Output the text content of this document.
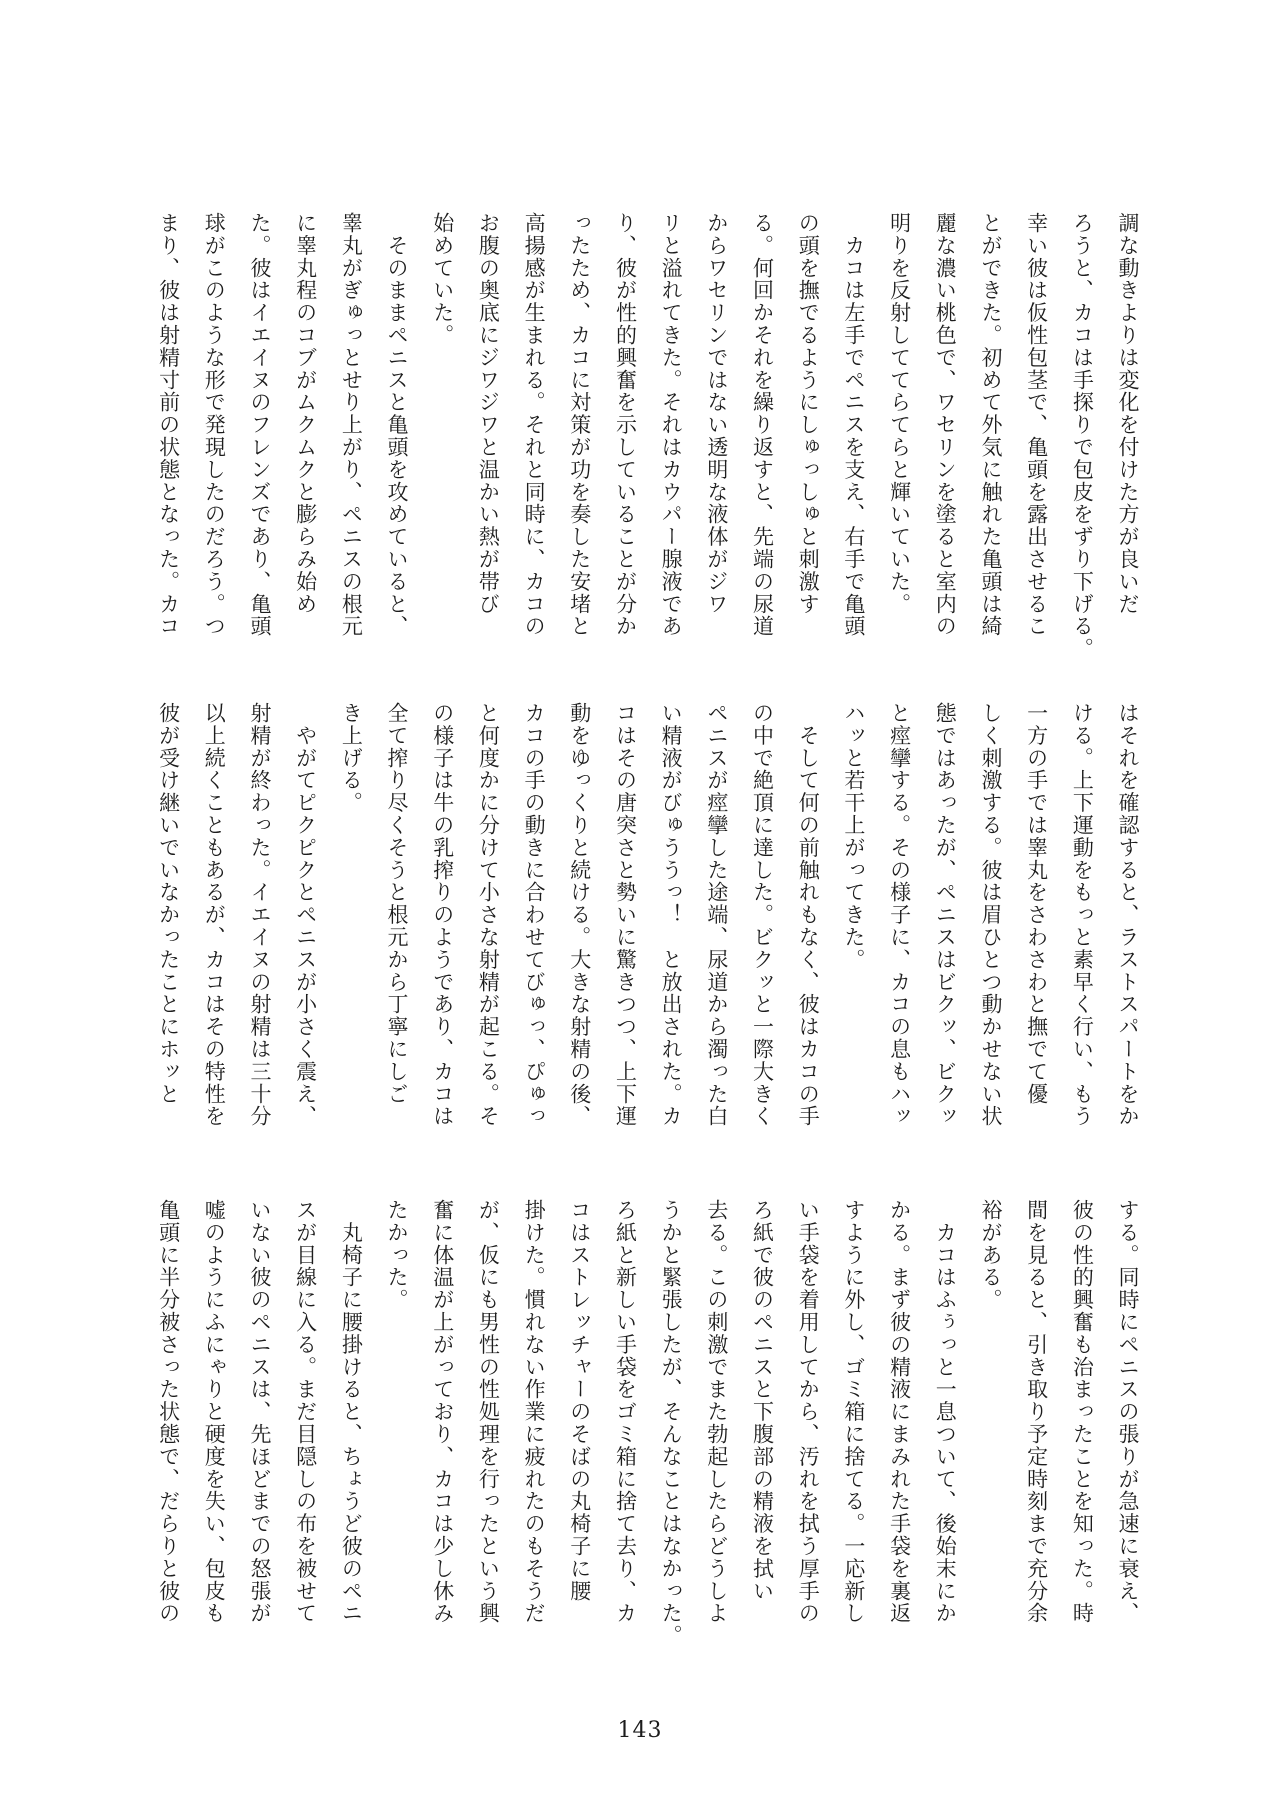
調な動きよりは変化を付けた方が良いだ
ろうと、カコは手探りで包皮をずり下げる。
幸い彼は仮性包茎で、亀頭を露出させるこ
とができた。初めて外気に触れた亀頭は綺
麗な濃い桃色で、ワセリンを塗ると室内の
明りを反射しててらてらと輝いていた。
　カコは左手でペニスを支え、右手で亀頭
の頭を撫でるようにしゅっしゅと刺激す
る。何回かそれを繰り返すと、先端の尿道
からワセリンではない透明な液体がジワ
リと溢れてきた。それはカウパー腺液であ
り、彼が性的興奮を示していることが分か
ったため、カコに対策が功を奏した安堵と
高揚感が生まれる。それと同時に、カコの
お腹の奥底にジワジワと温かい熱が帯び
始めていた。
　そのままペニスと亀頭を攻めていると、
睾丸がぎゅっとせり上がり、ペニスの根元
に睾丸程のコブがムクムクと膨らみ始め
た。彼はイエイヌのフレンズであり、亀頭
球がこのような形で発現したのだろう。つ
まり、彼は射精寸前の状態となった。カコ
はそれを確認すると、ラストスパートをか
ける。上下運動をもっと素早く行い、もう
一方の手では睾丸をさわさわと撫でて優
しく刺激する。彼は眉ひとつ動かせない状
態ではあったが、ペニスはビクッ、ビクッ
と痙攣する。その様子に、カコの息もハッ
ハッと若干上がってきた。
　そして何の前触れもなく、彼はカコの手
の中で絶頂に達した。ビクッと一際大きく
ペニスが痙攣した途端、尿道から濁った白
い精液がびゅううっ！　と放出された。カ
コはその唐突さと勢いに驚きつつ、上下運
動をゆっくりと続ける。大きな射精の後、
カコの手の動きに合わせてびゅっ、ぴゅっ
と何度かに分けて小さな射精が起こる。そ
の様子は牛の乳搾りのようであり、カコは
全て搾り尽くそうと根元から丁寧にしご
き上げる。
　やがてピクピクとペニスが小さく震え、
射精が終わった。イエイヌの射精は三十分
以上続くこともあるが、カコはその特性を
彼が受け継いでいなかったことにホッと
する。同時にペニスの張りが急速に衰え、
彼の性的興奮も治まったことを知った。時
間を見ると、引き取り予定時刻まで充分余
裕がある。
　カコはふぅっと一息ついて、後始末にか
かる。まず彼の精液にまみれた手袋を裏返
すように外し、ゴミ箱に捨てる。一応新し
い手袋を着用してから、汚れを拭う厚手の
ろ紙で彼のペニスと下腹部の精液を拭い
去る。この刺激でまた勃起したらどうしよ
うかと緊張したが、そんなことはなかった。
ろ紙と新しい手袋をゴミ箱に捨て去り、カ
コはストレッチャーのそばの丸椅子に腰
掛けた。慣れない作業に疲れたのもそうだ
が、仮にも男性の性処理を行ったという興
奮に体温が上がっており、カコは少し休み
たかった。
　丸椅子に腰掛けると、ちょうど彼のペニ
スが目線に入る。まだ目隠しの布を被せて
いない彼のペニスは、先ほどまでの怒張が
嘘のようにふにゃりと硬度を失い、包皮も
亀頭に半分被さった状態で、だらりと彼の
143
